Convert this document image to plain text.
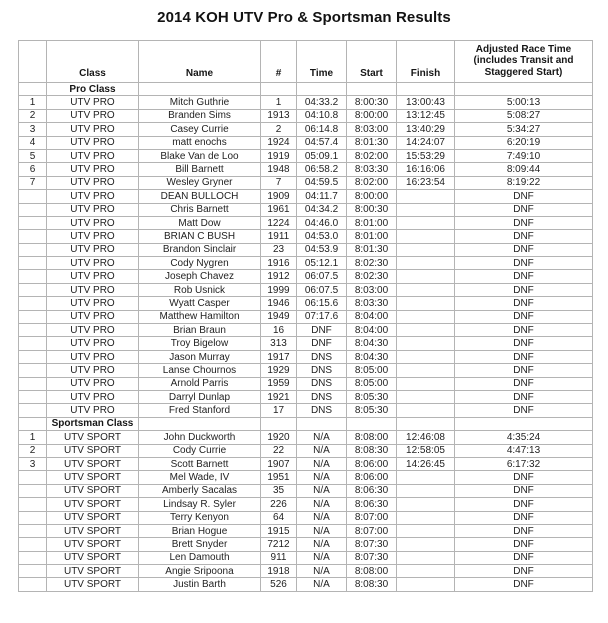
2014 KOH UTV Pro & Sportsman Results
	Class	Name	#	Time	Start	Finish	Adjusted Race Time (includes Transit and Staggered Start)
	Pro Class						
1	UTV PRO	Mitch Guthrie	1	04:33.2	8:00:30	13:00:43	5:00:13
2	UTV PRO	Branden Sims	1913	04:10.8	8:00:00	13:12:45	5:08:27
3	UTV PRO	Casey Currie	2	06:14.8	8:03:00	13:40:29	5:34:27
4	UTV PRO	matt enochs	1924	04:57.4	8:01:30	14:24:07	6:20:19
5	UTV PRO	Blake Van de Loo	1919	05:09.1	8:02:00	15:53:29	7:49:10
6	UTV PRO	Bill Barnett	1948	06:58.2	8:03:30	16:16:06	8:09:44
7	UTV PRO	Wesley Gryner	7	04:59.5	8:02:00	16:23:54	8:19:22
	UTV PRO	DEAN BULLOCH	1909	04:11.7	8:00:00		DNF
	UTV PRO	Chris Barnett	1961	04:34.2	8:00:30		DNF
	UTV PRO	Matt Dow	1224	04:46.0	8:01:00		DNF
	UTV PRO	BRIAN C BUSH	1911	04:53.0	8:01:00		DNF
	UTV PRO	Brandon Sinclair	23	04:53.9	8:01:30		DNF
	UTV PRO	Cody Nygren	1916	05:12.1	8:02:30		DNF
	UTV PRO	Joseph Chavez	1912	06:07.5	8:02:30		DNF
	UTV PRO	Rob Usnick	1999	06:07.5	8:03:00		DNF
	UTV PRO	Wyatt Casper	1946	06:15.6	8:03:30		DNF
	UTV PRO	Matthew Hamilton	1949	07:17.6	8:04:00		DNF
	UTV PRO	Brian Braun	16	DNF	8:04:00		DNF
	UTV PRO	Troy Bigelow	313	DNF	8:04:30		DNF
	UTV PRO	Jason Murray	1917	DNS	8:04:30		DNF
	UTV PRO	Lanse Chournos	1929	DNS	8:05:00		DNF
	UTV PRO	Arnold Parris	1959	DNS	8:05:00		DNF
	UTV PRO	Darryl Dunlap	1921	DNS	8:05:30		DNF
	UTV PRO	Fred Stanford	17	DNS	8:05:30		DNF
	Sportsman Class						
1	UTV SPORT	John Duckworth	1920	N/A	8:08:00	12:46:08	4:35:24
2	UTV SPORT	Cody Currie	22	N/A	8:08:30	12:58:05	4:47:13
3	UTV SPORT	Scott Barnett	1907	N/A	8:06:00	14:26:45	6:17:32
	UTV SPORT	Mel Wade, IV	1951	N/A	8:06:00		DNF
	UTV SPORT	Amberly Sacalas	35	N/A	8:06:30		DNF
	UTV SPORT	Lindsay R. Syler	226	N/A	8:06:30		DNF
	UTV SPORT	Terry Kenyon	64	N/A	8:07:00		DNF
	UTV SPORT	Brian Hogue	1915	N/A	8:07:00		DNF
	UTV SPORT	Brett Snyder	7212	N/A	8:07:30		DNF
	UTV SPORT	Len Damouth	911	N/A	8:07:30		DNF
	UTV SPORT	Angie Sripoona	1918	N/A	8:08:00		DNF
	UTV SPORT	Justin Barth	526	N/A	8:08:30		DNF
